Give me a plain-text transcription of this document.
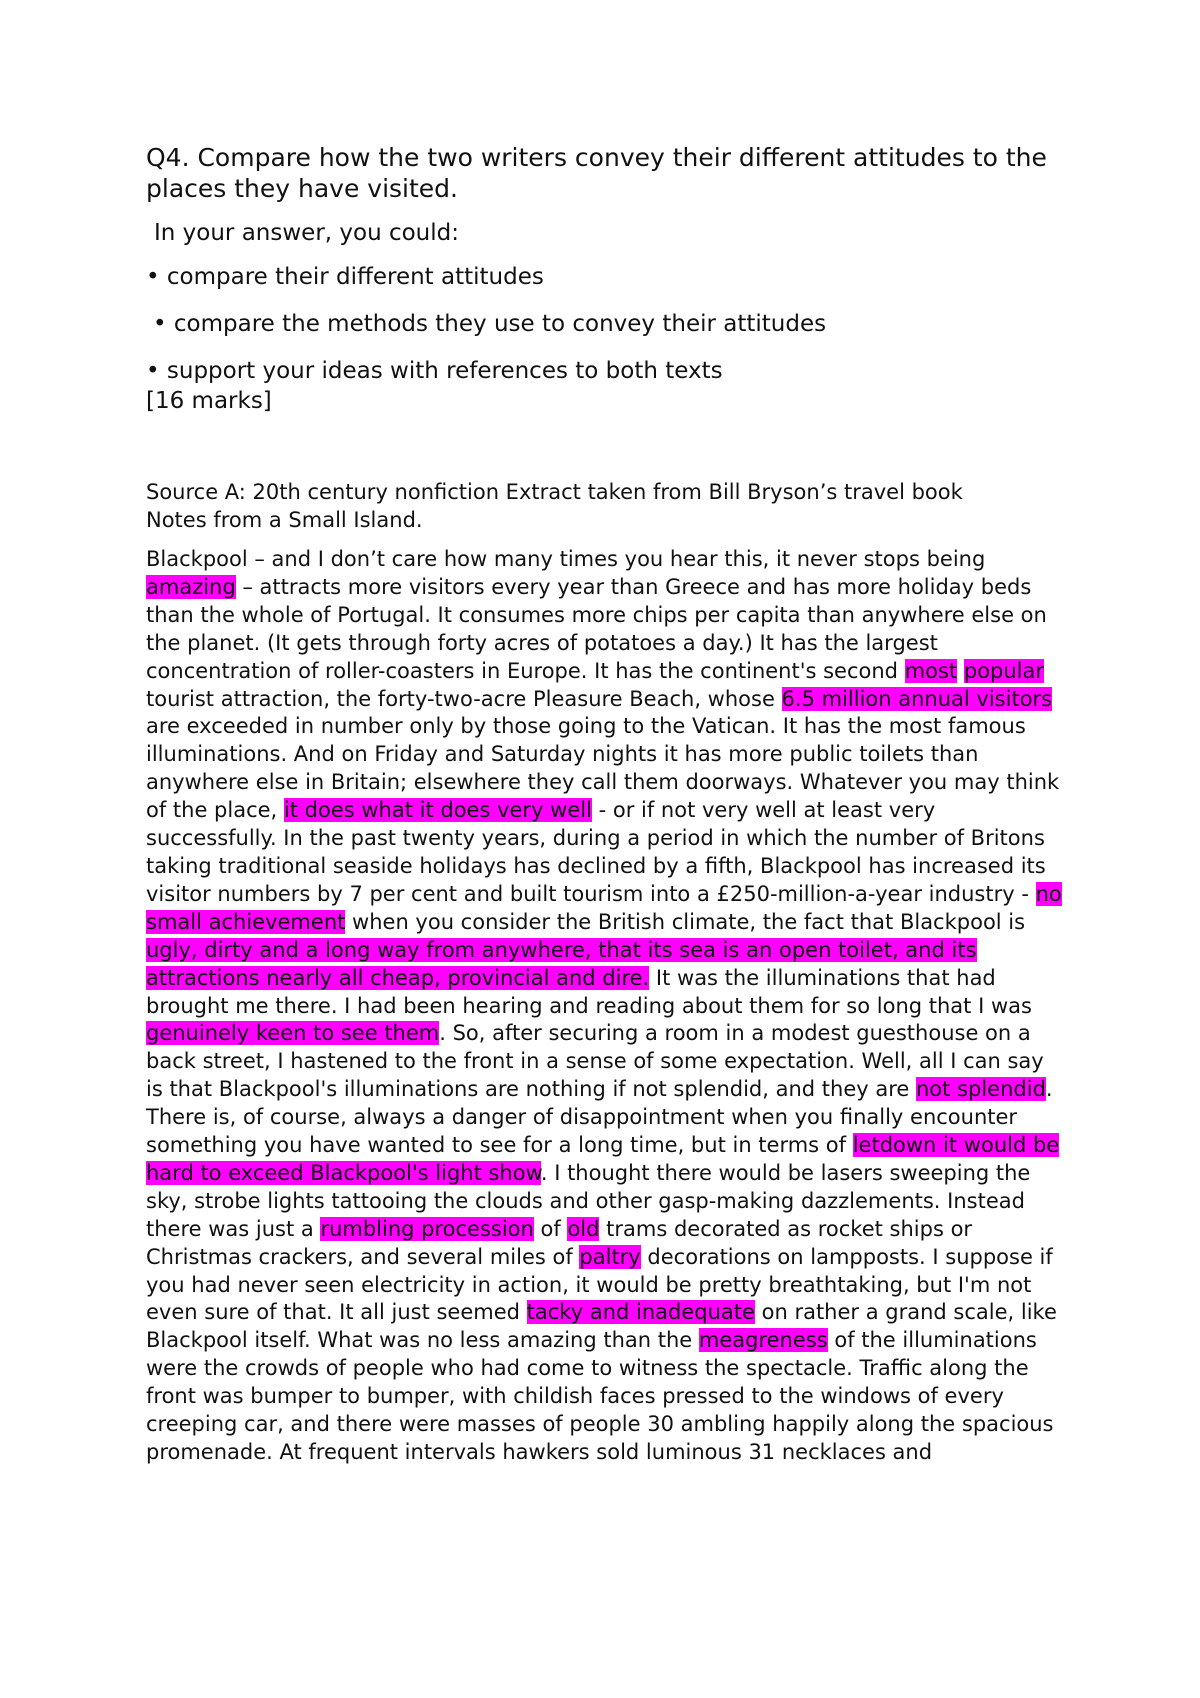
Q4. Compare how the two writers convey their different attitudes to the places they have visited.
In your answer, you could:
• compare their different attitudes
• compare the methods they use to convey their attitudes
• support your ideas with references to both texts
[16 marks]
Source A: 20th century nonfiction Extract taken from Bill Bryson’s travel book
Notes from a Small Island.

Blackpool – and I don’t care how many times you hear this, it never stops being amazing – attracts more visitors every year than Greece and has more holiday beds than the whole of Portugal. It consumes more chips per capita than anywhere else on the planet. (It gets through forty acres of potatoes a day.) It has the largest concentration of roller-coasters in Europe. It has the continent's second most popular tourist attraction, the forty-two-acre Pleasure Beach, whose 6.5 million annual visitors are exceeded in number only by those going to the Vatican. It has the most famous illuminations. And on Friday and Saturday nights it has more public toilets than anywhere else in Britain; elsewhere they call them doorways. Whatever you may think of the place, it does what it does very well - or if not very well at least very successfully. In the past twenty years, during a period in which the number of Britons taking traditional seaside holidays has declined by a fifth, Blackpool has increased its visitor numbers by 7 per cent and built tourism into a £250-million-a-year industry - no small achievement when you consider the British climate, the fact that Blackpool is ugly, dirty and a long way from anywhere, that its sea is an open toilet, and its attractions nearly all cheap, provincial and dire. It was the illuminations that had brought me there. I had been hearing and reading about them for so long that I was genuinely keen to see them. So, after securing a room in a modest guesthouse on a back street, I hastened to the front in a sense of some expectation. Well, all I can say is that Blackpool's illuminations are nothing if not splendid, and they are not splendid. There is, of course, always a danger of disappointment when you finally encounter something you have wanted to see for a long time, but in terms of letdown it would be hard to exceed Blackpool's light show. I thought there would be lasers sweeping the sky, strobe lights tattooing the clouds and other gasp-making dazzlements. Instead there was just a rumbling procession of old trams decorated as rocket ships or Christmas crackers, and several miles of paltry decorations on lampposts. I suppose if you had never seen electricity in action, it would be pretty breathtaking, but I'm not even sure of that. It all just seemed tacky and inadequate on rather a grand scale, like Blackpool itself. What was no less amazing than the meagreness of the illuminations were the crowds of people who had come to witness the spectacle. Traffic along the front was bumper to bumper, with childish faces pressed to the windows of every creeping car, and there were masses of people 30 ambling happily along the spacious promenade. At frequent intervals hawkers sold luminous 31 necklaces and
